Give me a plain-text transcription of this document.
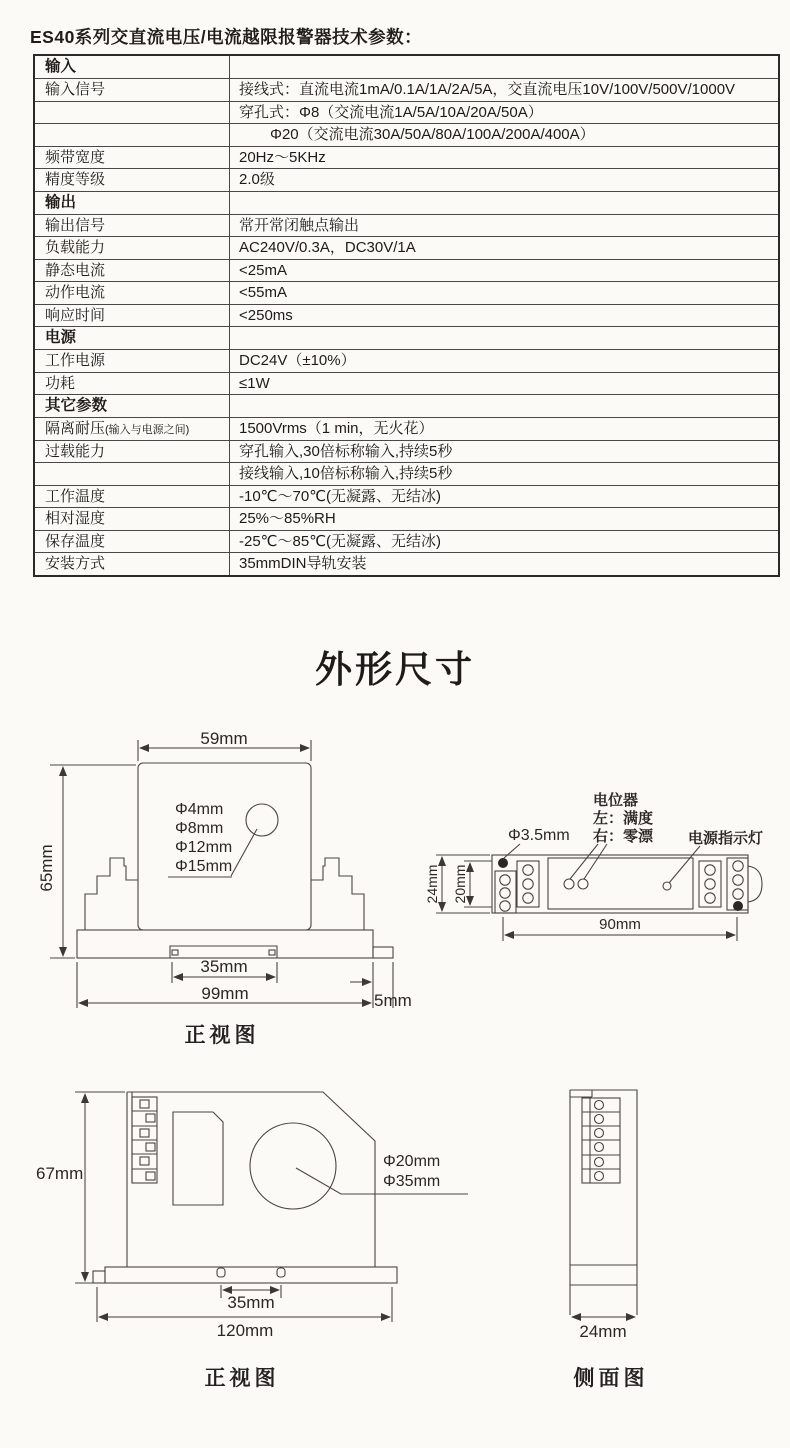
ES40系列交直流电压/电流越限报警器技术参数：
输入	
输入信号	接线式：直流电流1mA/0.1A/1A/2A/5A，交直流电压10V/100V/500V/1000V
	穿孔式：Φ8（交流电流1A/5A/10A/20A/50A）
	Φ20（交流电流30A/50A/80A/100A/200A/400A）
频带宽度	20Hz～5KHz
精度等级	2.0级
输出	
输出信号	常开常闭触点输出
负载能力	AC240V/0.3A，DC30V/1A
静态电流	<25mA
动作电流	<55mA
响应时间	<250ms
电源	
工作电源	DC24V（±10%）
功耗	≤1W
其它参数	
隔离耐压(输入与电源之间)	1500Vrms（1 min，无火花）
过载能力	穿孔输入,30倍标称输入,持续5秒
	接线输入,10倍标称输入,持续5秒
工作温度	-10℃～70℃(无凝露、无结冰)
相对湿度	25%～85%RH
保存温度	-25℃～85℃(无凝露、无结冰)
安装方式	35mmDIN导轨安装
外形尺寸
59mm
65mm
Φ4mm
Φ8mm
Φ12mm
Φ15mm
35mm
99mm	5mm
正视图
电位器
左：满度
右：零漂
Φ3.5mm	电源指示灯
24mm 20mm
90mm
67mm
Φ20mm
Φ35mm
35mm
120mm
正视图
24mm
侧面图
